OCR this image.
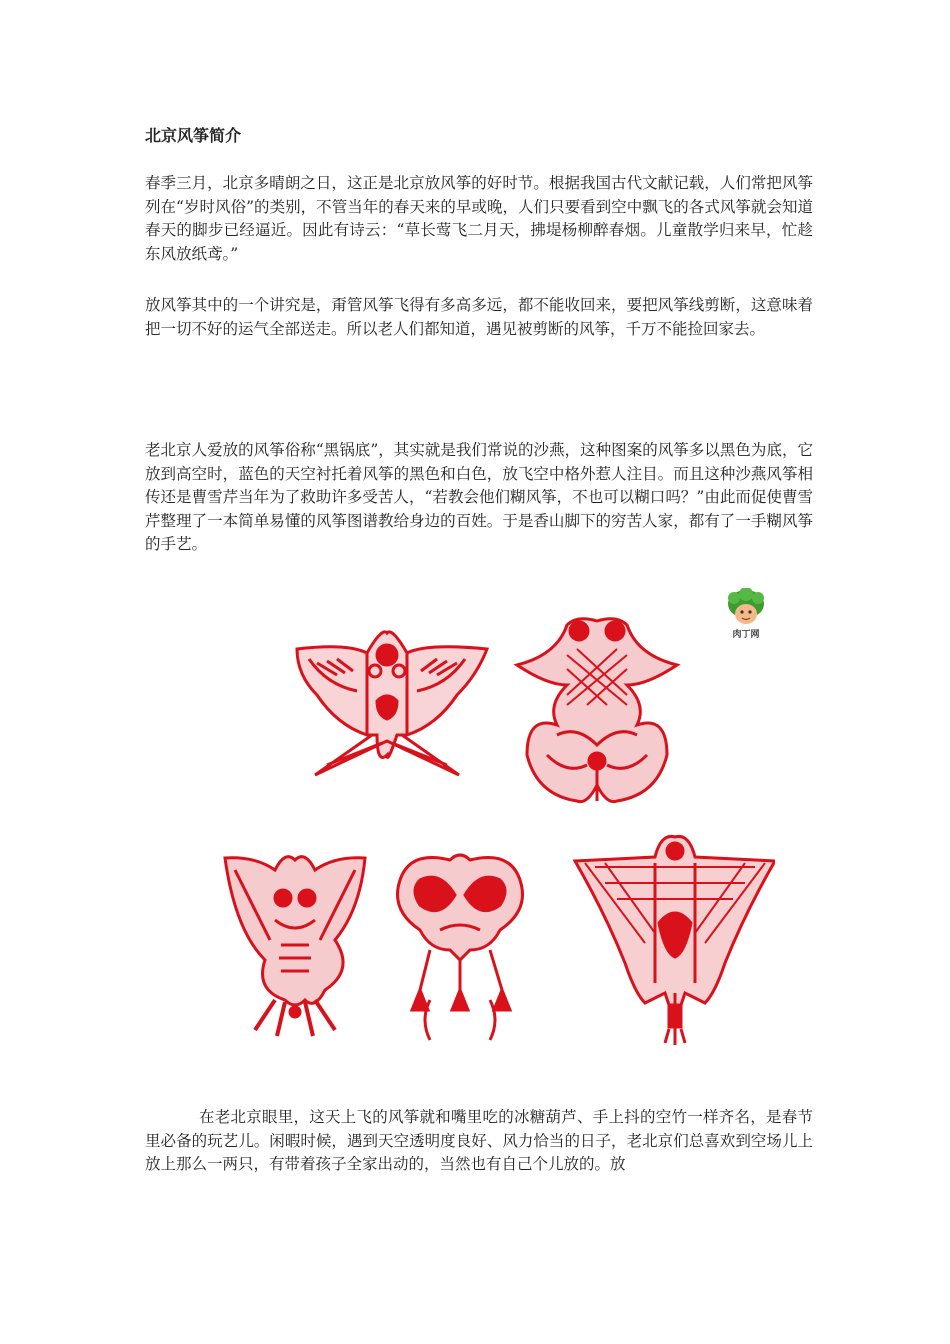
北京风筝简介

春季三月，北京多晴朗之日，这正是北京放风筝的好时节。根据我国古代文献记载，人们常把风筝列在“岁时风俗”的类别，不管当年的春天来的早或晚，人们只要看到空中飘飞的各式风筝就会知道春天的脚步已经逼近。因此有诗云：“草长莺飞二月天，拂堤杨柳醉春烟。儿童散学归来早，忙趁东风放纸鸢。”

放风筝其中的一个讲究是，甭管风筝飞得有多高多远，都不能收回来，要把风筝线剪断，这意味着把一切不好的运气全部送走。所以老人们都知道，遇见被剪断的风筝，千万不能捡回家去。

老北京人爱放的风筝俗称“黑锅底”，其实就是我们常说的沙燕，这种图案的风筝多以黑色为底，它放到高空时，蓝色的天空衬托着风筝的黑色和白色，放飞空中格外惹人注目。而且这种沙燕风筝相传还是曹雪芹当年为了救助许多受苦人，“若教会他们糊风筝，不也可以糊口吗？”由此而促使曹雪芹整理了一本简单易懂的风筝图谱教给身边的百姓。于是香山脚下的穷苦人家，都有了一手糊风筝的手艺。

肉丁网

在老北京眼里，这天上飞的风筝就和嘴里吃的冰糖葫芦、手上抖的空竹一样齐名，是春节里必备的玩艺儿。闲暇时候，遇到天空透明度良好、风力恰当的日子，老北京们总喜欢到空场儿上放上那么一两只，有带着孩子全家出动的，当然也有自己个儿放的。放
